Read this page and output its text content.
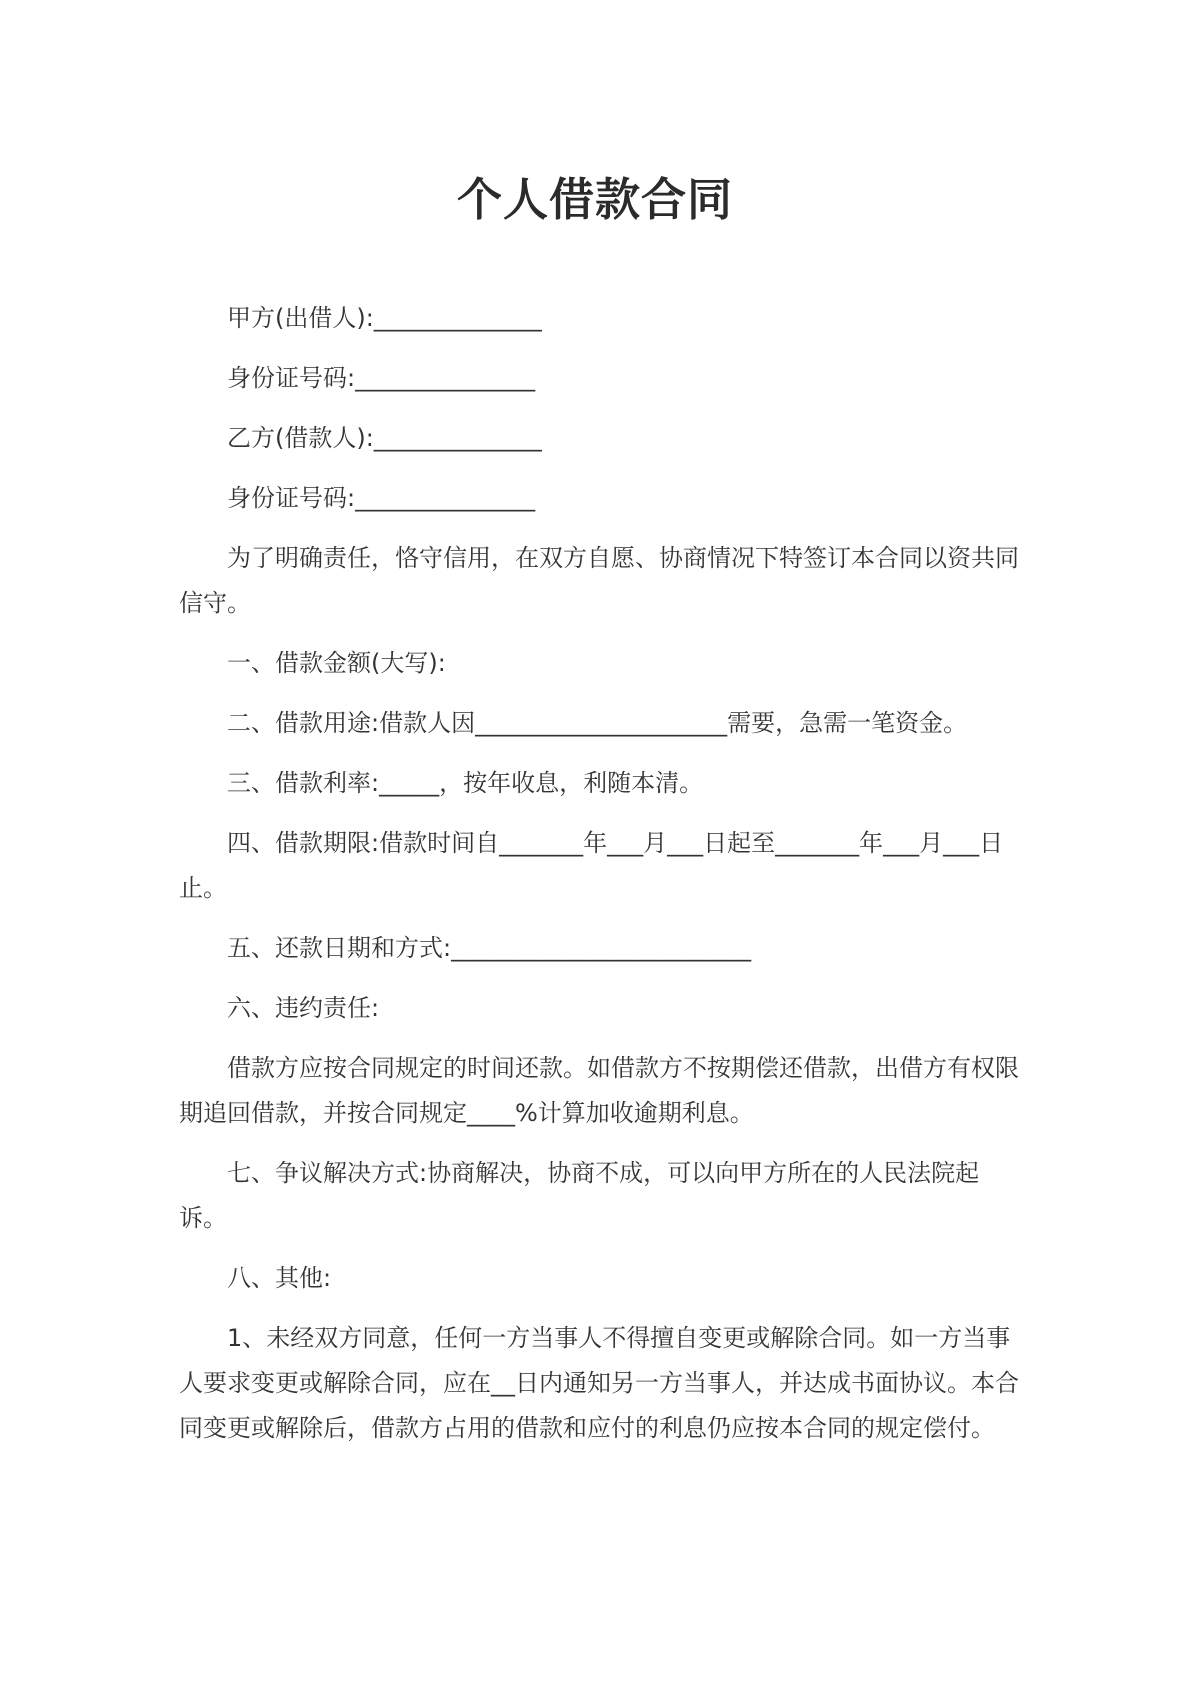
个人借款合同

甲方(出借人):______________

身份证号码:_______________

乙方(借款人):______________

身份证号码:_______________

为了明确责任，恪守信用，在双方自愿、协商情况下特签订本合同以资共同信守。

一、借款金额(大写):

二、借款用途:借款人因_____________________需要，急需一笔资金。

三、借款利率:_____，按年收息，利随本清。

四、借款期限:借款时间自_______年___月___日起至_______年___月___日止。

五、还款日期和方式:_________________________

六、违约责任:

借款方应按合同规定的时间还款。如借款方不按期偿还借款，出借方有权限期追回借款，并按合同规定____%计算加收逾期利息。

七、争议解决方式:协商解决，协商不成，可以向甲方所在的人民法院起诉。

八、其他:

1、未经双方同意，任何一方当事人不得擅自变更或解除合同。如一方当事人要求变更或解除合同，应在__日内通知另一方当事人，并达成书面协议。本合同变更或解除后，借款方占用的借款和应付的利息仍应按本合同的规定偿付。
